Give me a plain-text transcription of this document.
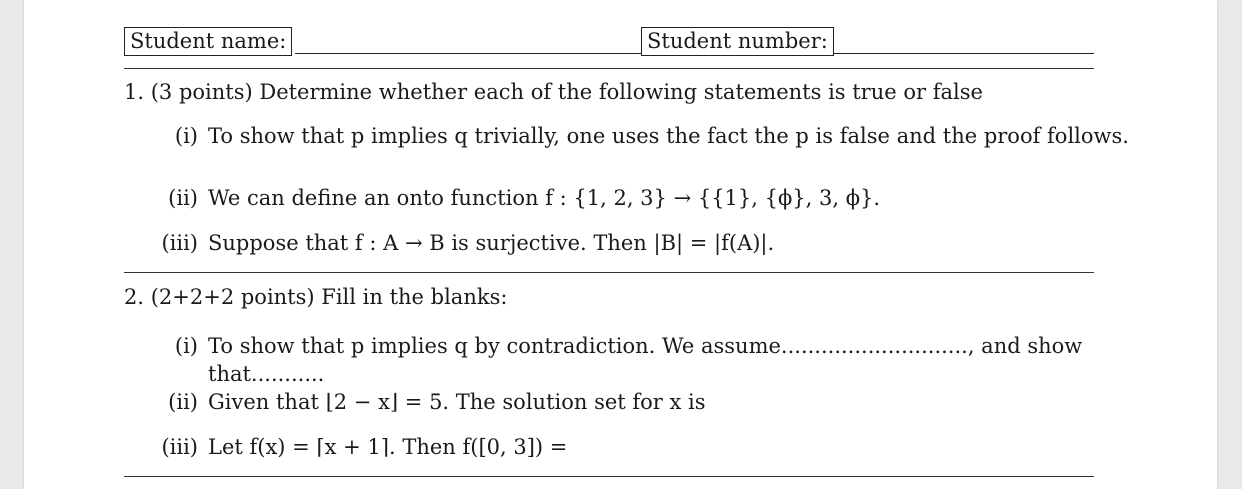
Student name:	Student number:
1. (3 points) Determine whether each of the following statements is true or false
(i) To show that p implies q trivially, one uses the fact the p is false and the proof follows.
(ii) We can define an onto function f : {1, 2, 3} → {{1}, {ϕ}, 3, ϕ}.
(iii) Suppose that f : A → B is surjective. Then |B| = |f(A)|.
2. (2+2+2 points) Fill in the blanks:
(i) To show that p implies q by contradiction. We assume............................, and show
that...........
(ii) Given that ⌊2 − x⌋ = 5. The solution set for x is
(iii) Let f(x) = ⌈x + 1⌉. Then f([0, 3]) =
